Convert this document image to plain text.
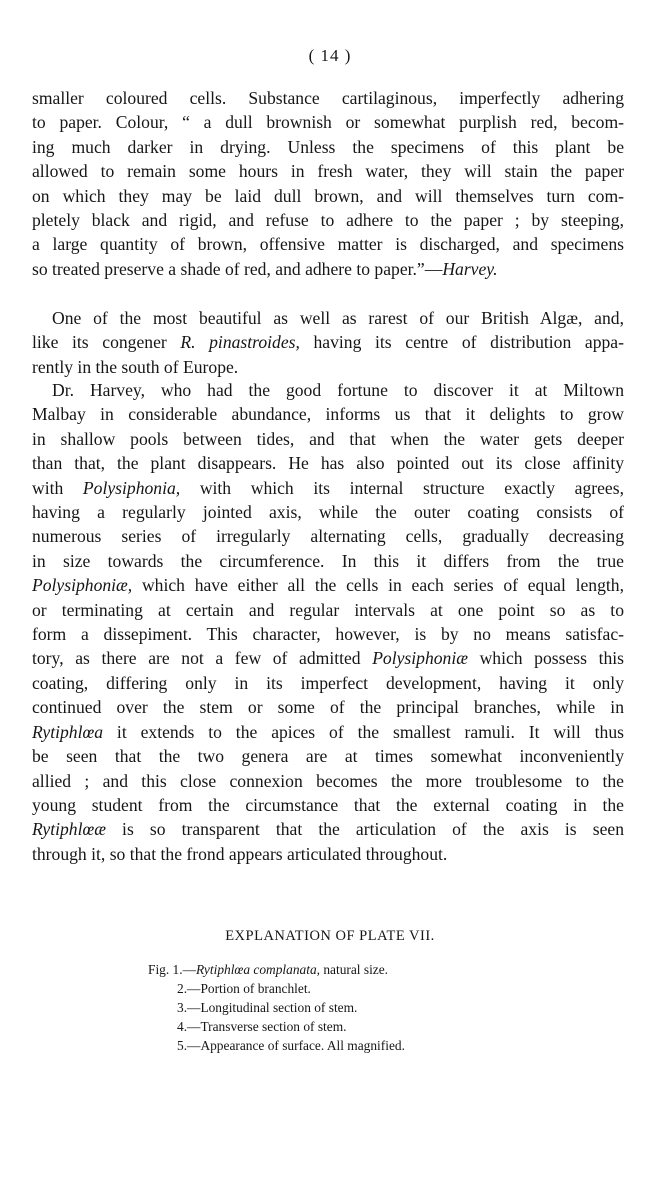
( 14 )
smaller coloured cells. Substance cartilaginous, imperfectly adhering
to paper. Colour, “ a dull brownish or somewhat purplish red, becom-
ing much darker in drying. Unless the specimens of this plant be
allowed to remain some hours in fresh water, they will stain the paper
on which they may be laid dull brown, and will themselves turn com-
pletely black and rigid, and refuse to adhere to the paper ; by steeping,
a large quantity of brown, offensive matter is discharged, and specimens
so treated preserve a shade of red, and adhere to paper.”—Harvey.
One of the most beautiful as well as rarest of our British Algæ, and,
like its congener R. pinastroides, having its centre of distribution appa-
rently in the south of Europe.
Dr. Harvey, who had the good fortune to discover it at Miltown
Malbay in considerable abundance, informs us that it delights to grow
in shallow pools between tides, and that when the water gets deeper
than that, the plant disappears. He has also pointed out its close affinity
with Polysiphonia, with which its internal structure exactly agrees,
having a regularly jointed axis, while the outer coating consists of
numerous series of irregularly alternating cells, gradually decreasing
in size towards the circumference. In this it differs from the true
Polysiphoniæ, which have either all the cells in each series of equal length,
or terminating at certain and regular intervals at one point so as to
form a dissepiment. This character, however, is by no means satisfac-
tory, as there are not a few of admitted Polysiphoniæ which possess this
coating, differing only in its imperfect development, having it only
continued over the stem or some of the principal branches, while in
Rytiphlœa it extends to the apices of the smallest ramuli. It will thus
be seen that the two genera are at times somewhat inconveniently
allied ; and this close connexion becomes the more troublesome to the
young student from the circumstance that the external coating in the
Rytiphlœæ is so transparent that the articulation of the axis is seen
through it, so that the frond appears articulated throughout.
EXPLANATION OF PLATE VII.
Fig. 1.—Rytiphlœa complanata, natural size.
2.—Portion of branchlet.
3.—Longitudinal section of stem.
4.—Transverse section of stem.
5.—Appearance of surface. All magnified.
